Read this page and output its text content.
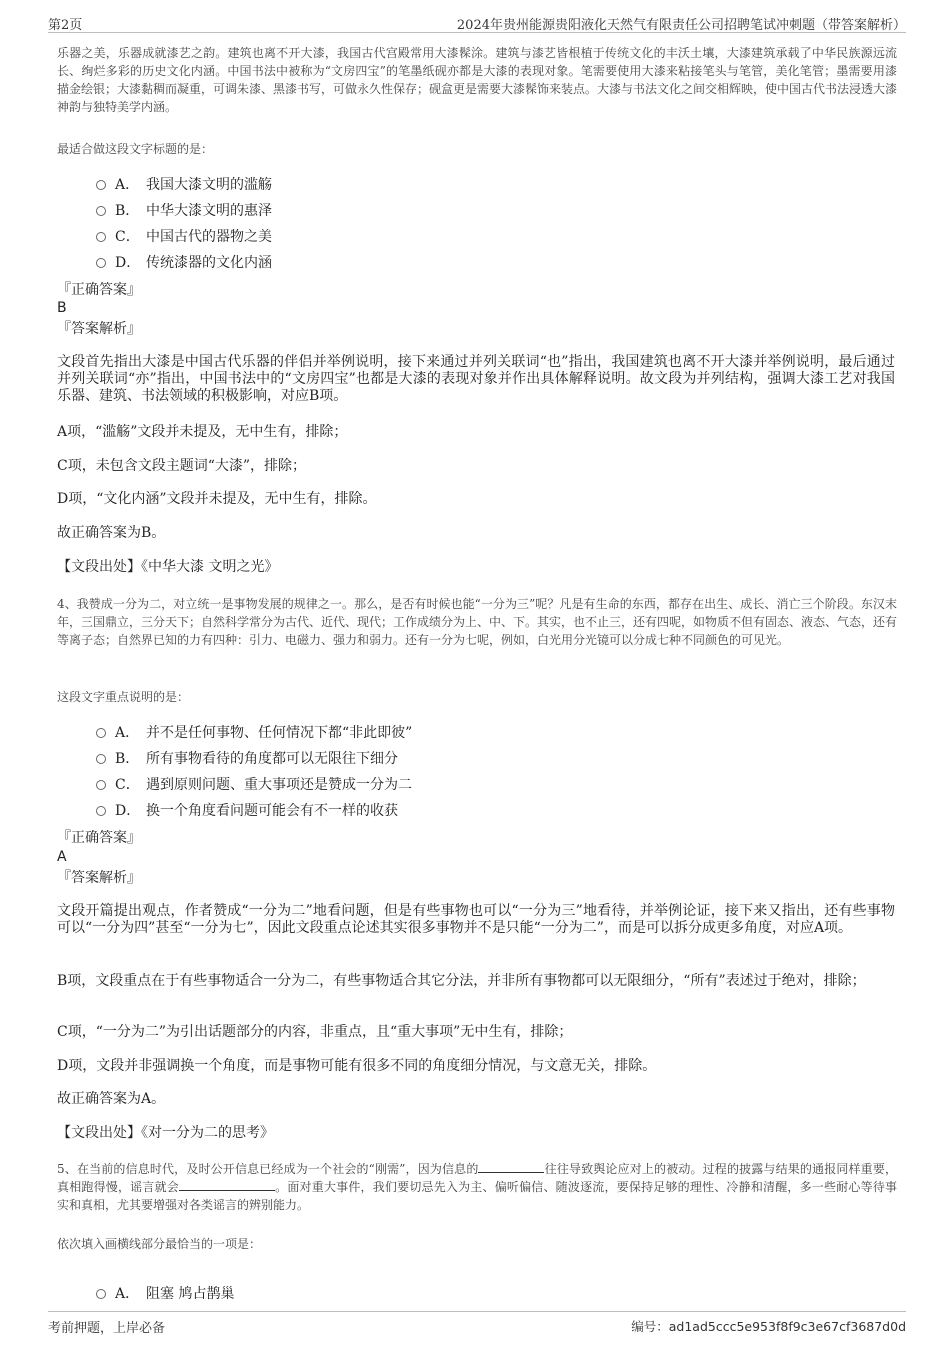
第2页	2024年贵州能源贵阳液化天然气有限责任公司招聘笔试冲刺题（带答案解析）

乐器之美，乐器成就漆艺之韵。建筑也离不开大漆，我国古代宫殿常用大漆髹涂。建筑与漆艺皆根植于传统文化的丰沃土壤，大漆建筑承载了中华民族源远流长、绚烂多彩的历史文化内涵。中国书法中被称为“文房四宝”的笔墨纸砚亦都是大漆的表现对象。笔需要使用大漆来粘接笔头与笔管，美化笔管；墨需要用漆描金绘银；大漆黏稠而凝重，可调朱漆、黑漆书写，可做永久性保存；砚盒更是需要大漆髹饰来装点。大漆与书法文化之间交相辉映，使中国古代书法浸透大漆神韵与独特美学内涵。

最适合做这段文字标题的是：

A． 我国大漆文明的滥觞
B． 中华大漆文明的惠泽
C． 中国古代的器物之美
D． 传统漆器的文化内涵

『正确答案』

B

『答案解析』

文段首先指出大漆是中国古代乐器的伴侣并举例说明，接下来通过并列关联词“也”指出，我国建筑也离不开大漆并举例说明，最后通过并列关联词“亦”指出，中国书法中的“文房四宝”也都是大漆的表现对象并作出具体解释说明。故文段为并列结构，强调大漆工艺对我国乐器、建筑、书法领域的积极影响，对应B项。

A项，“滥觞”文段并未提及，无中生有，排除；

C项，未包含文段主题词“大漆”，排除；

D项，“文化内涵”文段并未提及，无中生有，排除。

故正确答案为B。

【文段出处】《中华大漆 文明之光》

4、我赞成一分为二，对立统一是事物发展的规律之一。那么，是否有时候也能“一分为三”呢？凡是有生命的东西，都存在出生、成长、消亡三个阶段。东汉末年，三国鼎立，三分天下；自然科学常分为古代、近代、现代；工作成绩分为上、中、下。其实，也不止三，还有四呢，如物质不但有固态、液态、气态，还有等离子态；自然界已知的力有四种：引力、电磁力、强力和弱力。还有一分为七呢，例如，白光用分光镜可以分成七种不同颜色的可见光。

这段文字重点说明的是：

A． 并不是任何事物、任何情况下都“非此即彼”
B． 所有事物看待的角度都可以无限往下细分
C． 遇到原则问题、重大事项还是赞成一分为二
D． 换一个角度看问题可能会有不一样的收获

『正确答案』

A

『答案解析』

文段开篇提出观点，作者赞成“一分为二”地看问题，但是有些事物也可以“一分为三”地看待，并举例论证，接下来又指出，还有些事物可以“一分为四”甚至“一分为七”，因此文段重点论述其实很多事物并不是只能“一分为二”，而是可以拆分成更多角度，对应A项。

B项，文段重点在于有些事物适合一分为二，有些事物适合其它分法，并非所有事物都可以无限细分，“所有”表述过于绝对，排除；

C项，“一分为二”为引出话题部分的内容，非重点，且“重大事项”无中生有，排除；

D项，文段并非强调换一个角度，而是事物可能有很多不同的角度细分情况，与文意无关，排除。

故正确答案为A。

【文段出处】《对一分为二的思考》

5、在当前的信息时代，及时公开信息已经成为一个社会的“刚需”，因为信息的	往往导致舆论应对上的被动。过程的披露与结果的通报同样重要，真相跑得慢，谣言就会	。面对重大事件，我们要切忌先入为主、偏听偏信、随波逐流，要保持足够的理性、冷静和清醒，多一些耐心等待事实和真相，尤其要增强对各类谣言的辨别能力。

依次填入画横线部分最恰当的一项是：

A． 阻塞 鸠占鹊巢
考前押题，上岸必备	编号：ad1ad5ccc5e953f8f9c3e67cf3687d0d
